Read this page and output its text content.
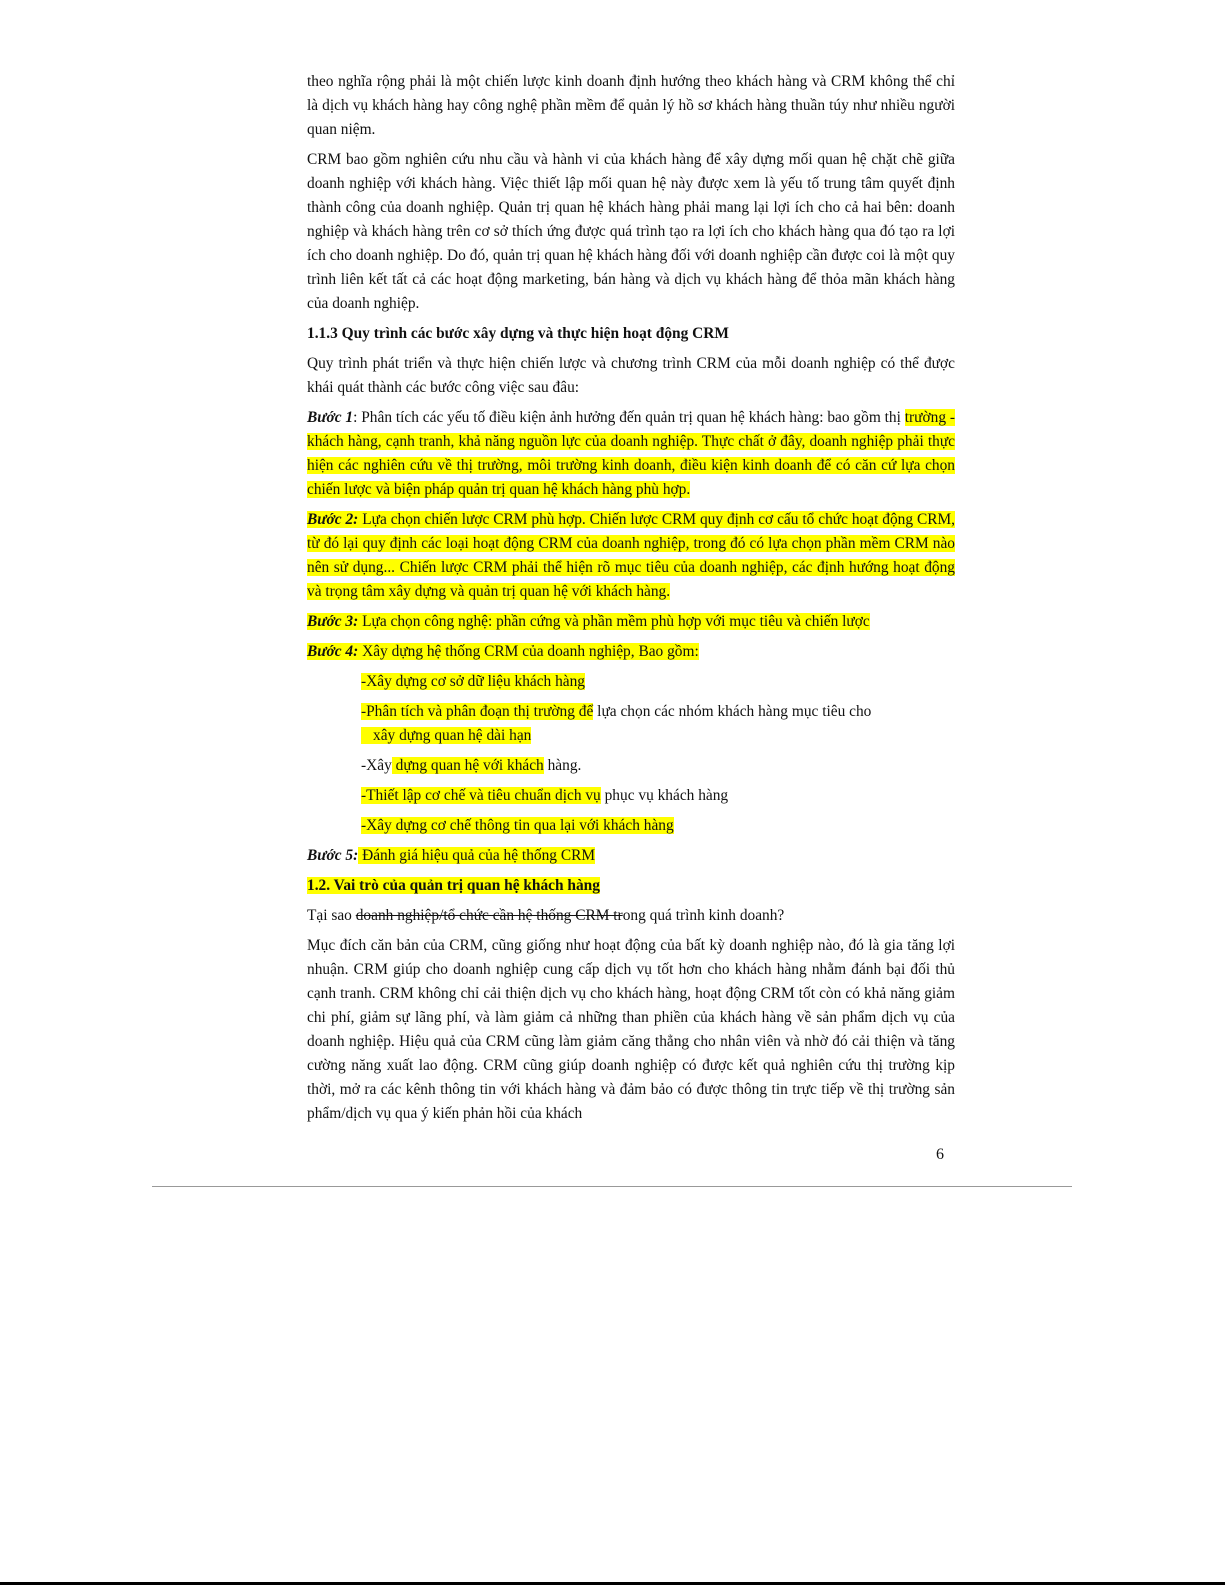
theo nghĩa rộng phải là một chiến lược kinh doanh định hướng theo khách hàng và CRM không thể chỉ là dịch vụ khách hàng hay công nghệ phần mềm để quản lý hồ sơ khách hàng thuần túy như nhiều người quan niệm.

CRM bao gồm nghiên cứu nhu cầu và hành vi của khách hàng để xây dựng mối quan hệ chặt chẽ giữa doanh nghiệp với khách hàng. Việc thiết lập mối quan hệ này được xem là yếu tố trung tâm quyết định thành công của doanh nghiệp. Quản trị quan hệ khách hàng phải mang lại lợi ích cho cả hai bên: doanh nghiệp và khách hàng trên cơ sở thích ứng được quá trình tạo ra lợi ích cho khách hàng qua đó tạo ra lợi ích cho doanh nghiệp. Do đó, quản trị quan hệ khách hàng đối với doanh nghiệp cần được coi là một quy trình liên kết tất cả các hoạt động marketing, bán hàng và dịch vụ khách hàng để thỏa mãn khách hàng của doanh nghiệp.

1.1.3 Quy trình các bước xây dựng và thực hiện hoạt động CRM

Quy trình phát triển và thực hiện chiến lược và chương trình CRM của mỗi doanh nghiệp có thể được khái quát thành các bước công việc sau đâu:

Bước 1: Phân tích các yếu tố điều kiện ảnh hưởng đến quản trị quan hệ khách hàng: bao gồm thị trường - khách hàng, cạnh tranh, khả năng nguồn lực của doanh nghiệp. Thực chất ở đây, doanh nghiệp phải thực hiện các nghiên cứu về thị trường, môi trường kinh doanh, điều kiện kinh doanh để có căn cứ lựa chọn chiến lược và biện pháp quản trị quan hệ khách hàng phù hợp.

Bước 2: Lựa chọn chiến lược CRM phù hợp. Chiến lược CRM quy định cơ cấu tổ chức hoạt động CRM, từ đó lại quy định các loại hoạt động CRM của doanh nghiệp, trong đó có lựa chọn phần mềm CRM nào nên sử dụng... Chiến lược CRM phải thể hiện rõ mục tiêu của doanh nghiệp, các định hướng hoạt động và trọng tâm xây dựng và quản trị quan hệ với khách hàng.

Bước 3: Lựa chọn công nghệ: phần cứng và phần mềm phù hợp với mục tiêu và chiến lược

Bước 4: Xây dựng hệ thống CRM của doanh nghiệp, Bao gồm:

-Xây dựng cơ sở dữ liệu khách hàng

-Phân tích và phân đoạn thị trường để lựa chọn các nhóm khách hàng mục tiêu cho
xây dựng quan hệ dài hạn

-Xây dựng quan hệ với khách hàng.

-Thiết lập cơ chế và tiêu chuẩn dịch vụ phục vụ khách hàng

-Xây dựng cơ chế thông tin qua lại với khách hàng

Bước 5: Đánh giá hiệu quả của hệ thống CRM

1.2. Vai trò của quản trị quan hệ khách hàng

Tại sao doanh nghiệp/tổ chức cần hệ thống CRM trong quá trình kinh doanh?

Mục đích căn bản của CRM, cũng giống như hoạt động của bất kỳ doanh nghiệp nào, đó là gia tăng lợi nhuận. CRM giúp cho doanh nghiệp cung cấp dịch vụ tốt hơn cho khách hàng nhằm đánh bại đối thủ cạnh tranh. CRM không chỉ cải thiện dịch vụ cho khách hàng, hoạt động CRM tốt còn có khả năng giảm chi phí, giảm sự lãng phí, và làm giảm cả những than phiền của khách hàng về sản phẩm dịch vụ của doanh nghiệp. Hiệu quả của CRM cũng làm giảm căng thẳng cho nhân viên và nhờ đó cải thiện và tăng cường năng xuất lao động. CRM cũng giúp doanh nghiệp có được kết quả nghiên cứu thị trường kịp thời, mở ra các kênh thông tin với khách hàng và đảm bảo có được thông tin trực tiếp về thị trường sản phẩm/dịch vụ qua ý kiến phản hồi của khách

6
